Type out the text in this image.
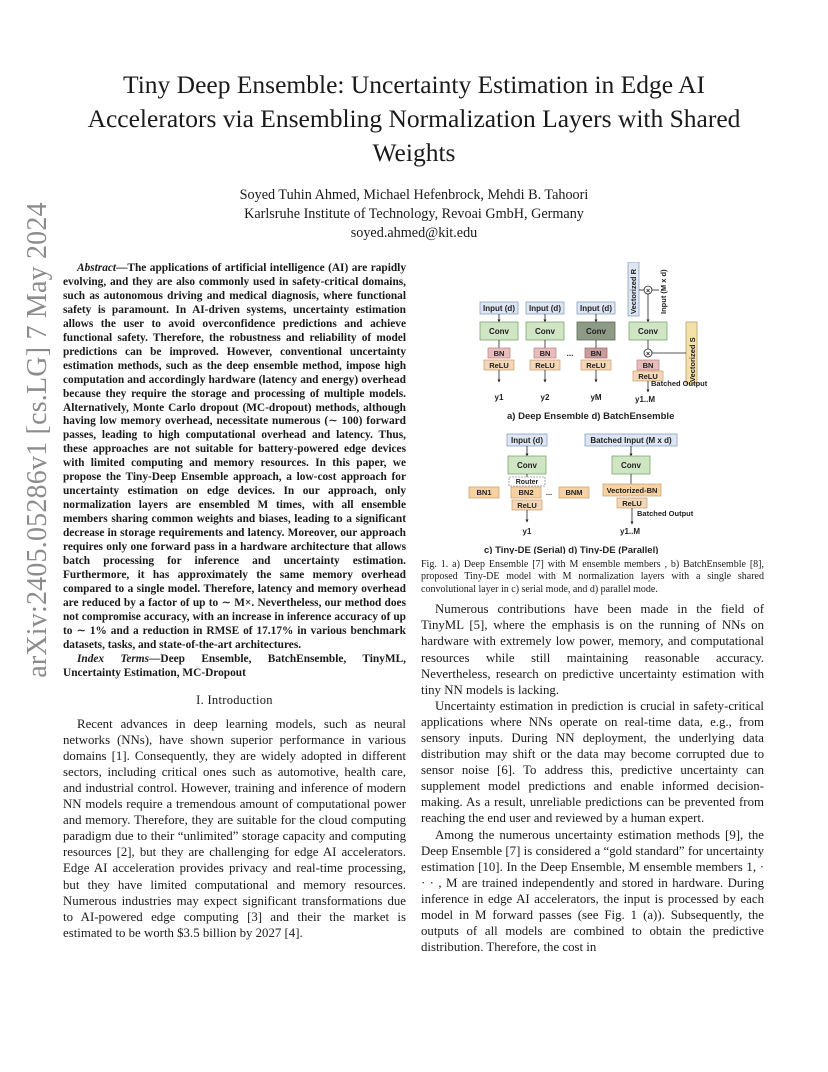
Tiny Deep Ensemble: Uncertainty Estimation in Edge AI Accelerators via Ensembling Normalization Layers with Shared Weights
Soyed Tuhin Ahmed, Michael Hefenbrock, Mehdi B. Tahoori
Karlsruhe Institute of Technology, Revoai GmbH, Germany
soyed.ahmed@kit.edu
arXiv:2405.05286v1 [cs.LG] 7 May 2024	Abstract—The applications of artificial intelligence (AI) are rapidly evolving, and they are also commonly used in safety-critical domains, such as autonomous driving and medical diagnosis, where functional safety is paramount. In AI-driven systems, uncertainty estimation allows the user to avoid overconfidence predictions and achieve functional safety. Therefore, the robustness and reliability of model predictions can be improved. However, conventional uncertainty estimation methods, such as the deep ensemble method, impose high computation and accordingly hardware (latency and energy) overhead because they require the storage and processing of multiple models. Alternatively, Monte Carlo dropout (MC-dropout) methods, although having low memory overhead, necessitate numerous (∼ 100) forward passes, leading to high computational overhead and latency. Thus, these approaches are not suitable for battery-powered edge devices with limited computing and memory resources. In this paper, we propose the Tiny-Deep Ensemble approach, a low-cost approach for uncertainty estimation on edge devices. In our approach, only normalization layers are ensembled M times, with all ensemble members sharing common weights and biases, leading to a significant decrease in storage requirements and latency. Moreover, our approach requires only one forward pass in a hardware architecture that allows batch processing for inference and uncertainty estimation. Furthermore, it has approximately the same memory overhead compared to a single model. Therefore, latency and memory overhead are reduced by a factor of up to ∼ M×. Nevertheless, our method does not compromise accuracy, with an increase in inference accuracy of up to ∼ 1% and a reduction in RMSE of 17.17% in various benchmark datasets, tasks, and state-of-the-art architectures.
Index Terms—Deep Ensemble, BatchEnsemble, TinyML, Uncertainty Estimation, MC-Dropout
I. Introduction

Recent advances in deep learning models, such as neural networks (NNs), have shown superior performance in various domains [1]. Consequently, they are widely adopted in different sectors, including critical ones such as automotive, health care, and industrial control. However, training and inference of modern NN models require a tremendous amount of computational power and memory. Therefore, they are suitable for the cloud computing paradigm due to their “unlimited” storage capacity and computing resources [2], but they are challenging for edge AI accelerators. Edge AI acceleration provides privacy and real-time processing, but they have limited computational and memory resources. Numerous industries may expect significant transformations due to AI-powered edge computing [3] and their the market is estimated to be worth $3.5 billion by 2027 [4].

Input (d)
Conv
BN
ReLU
y1
Input (d)
Conv
BN
ReLU
y2
...
Input (d)
Conv
BN
ReLU
yM
Vectorized R × Input (M x d)
Conv
×	Vectorized S
BN
ReLU
Batched Output
y1..M
a) Deep Ensemble d) BatchEnsemble
Input (d)
Conv
Router
BN1	BN2 ... BNM
ReLU
y1
Batched Input (M x d)
Conv
Vectorized-BN
ReLU
Batched Output
y1..M
c) Tiny-DE (Serial) d) Tiny-DE (Parallel)
Fig. 1. a) Deep Ensemble [7] with M ensemble members , b) BatchEnsemble [8], proposed Tiny-DE model with M normalization layers with a single shared convolutional layer in c) serial mode, and d) parallel mode.

Numerous contributions have been made in the field of TinyML [5], where the emphasis is on the running of NNs on hardware with extremely low power, memory, and computational resources while still maintaining reasonable accuracy. Nevertheless, research on predictive uncertainty estimation with tiny NN models is lacking.

Uncertainty estimation in prediction is crucial in safety-critical applications where NNs operate on real-time data, e.g., from sensory inputs. During NN deployment, the underlying data distribution may shift or the data may become corrupted due to sensor noise [6]. To address this, predictive uncertainty can supplement model predictions and enable informed decision-making. As a result, unreliable predictions can be prevented from reaching the end user and reviewed by a human expert.

Among the numerous uncertainty estimation methods [9], the Deep Ensemble [7] is considered a “gold standard” for uncertainty estimation [10]. In the Deep Ensemble, M ensemble members 1, · · · , M are trained independently and stored in hardware. During inference in edge AI accelerators, the input is processed by each model in M forward passes (see Fig. 1 (a)). Subsequently, the outputs of all models are combined to obtain the predictive distribution. Therefore, the cost in
